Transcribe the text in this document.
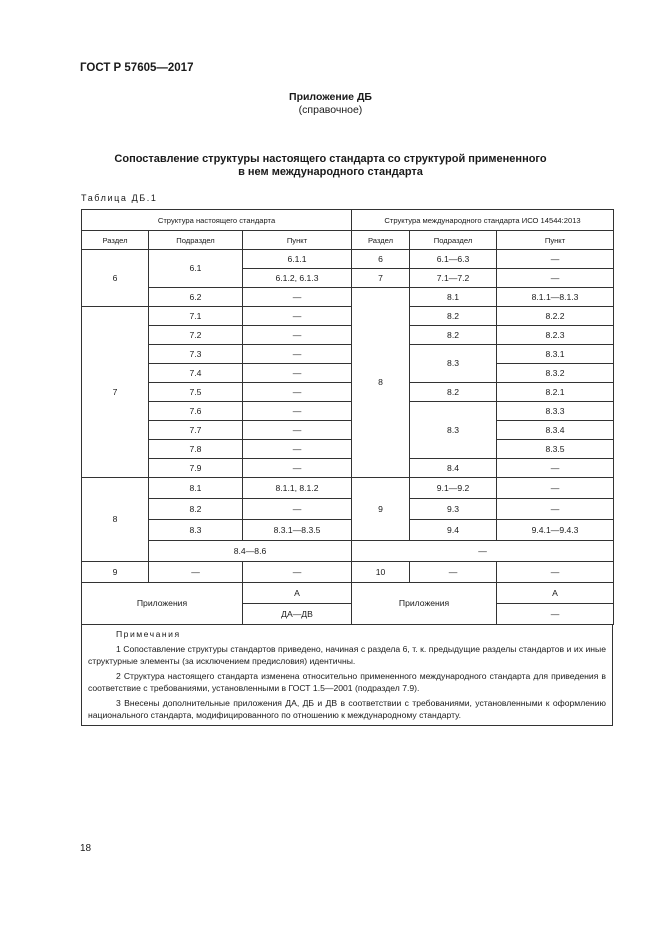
ГОСТ Р 57605—2017
Приложение ДБ
(справочное)
Сопоставление структуры настоящего стандарта со структурой примененного
в нем международного стандарта
Таблица ДБ.1
Структура настоящего стандарта			Структура международного стандарта ИСО 14544:2013		
Раздел	Подраздел	Пункт	Раздел	Подраздел	Пункт
6	6.1	6.1.1	6	6.1—6.3	—
		6.1.2, 6.1.3	7	7.1—7.2	—
	6.2	—	8	8.1	8.1.1—8.1.3
7	7.1	—		8.2	8.2.2
	7.2	—		8.2	8.2.3
	7.3	—		8.3	8.3.1
	7.4	—			8.3.2
	7.5	—		8.2	8.2.1
	7.6	—		8.3	8.3.3
	7.7	—			8.3.4
	7.8	—			8.3.5
	7.9	—		8.4	—
8	8.1	8.1.1, 8.1.2	9	9.1—9.2	—
	8.2	—		9.3	—
	8.3	8.3.1—8.3.5		9.4	9.4.1—9.4.3
	8.4—8.6		—		
9	—	—	10	—	—
Приложения		А	Приложения		А
		ДА—ДВ			—
Примечания

1 Сопоставление структуры стандартов приведено, начиная с раздела 6, т. к. предыдущие разделы стандартов и их иные структурные элементы (за исключением предисловия) идентичны.

2 Структура настоящего стандарта изменена относительно примененного международного стандарта для приведения в соответствие с требованиями, установленными в ГОСТ 1.5—2001 (подраздел 7.9).

3 Внесены дополнительные приложения ДА, ДБ и ДВ в соответствии с требованиями, установленными к оформлению национального стандарта, модифицированного по отношению к международному стандарту.

18
